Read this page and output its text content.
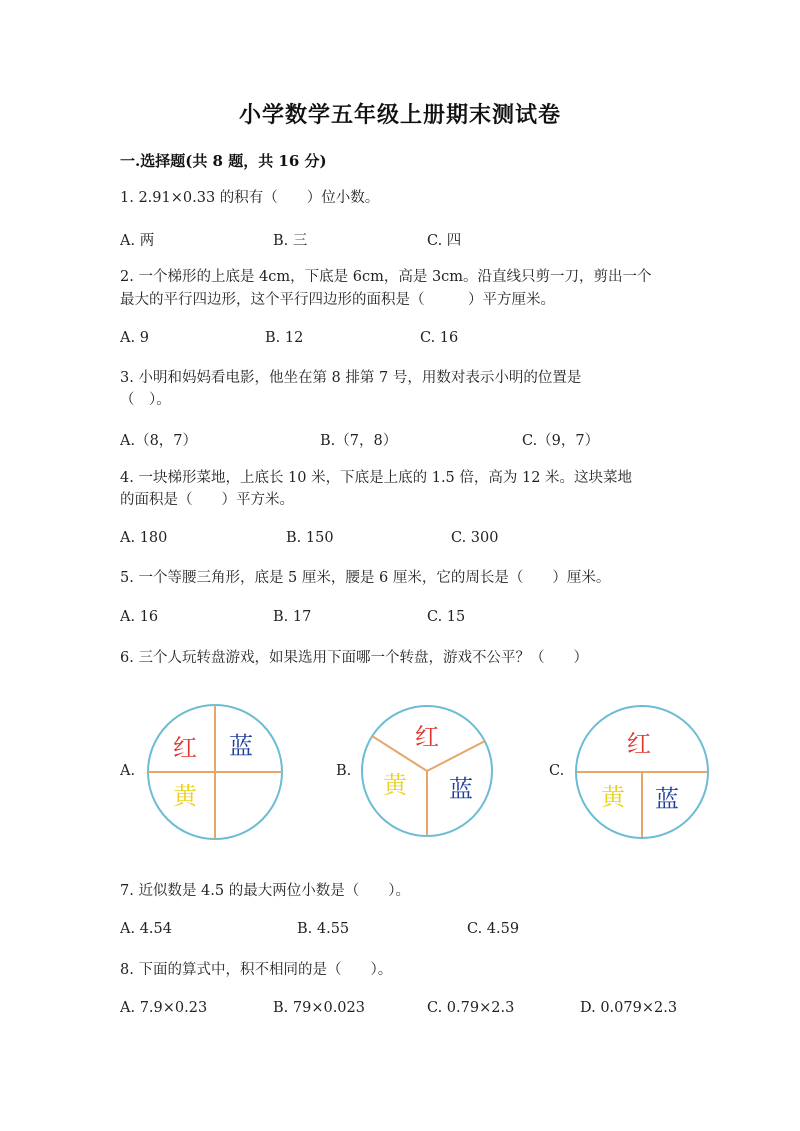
小学数学五年级上册期末测试卷
一.选择题(共 8 题，共 16 分)
1. 2.91×0.33 的积有（　　）位小数。
A. 两	B. 三	C. 四
2. 一个梯形的上底是 4cm，下底是 6cm，高是 3cm。沿直线只剪一刀，剪出一个
最大的平行四边形，这个平行四边形的面积是（　　　）平方厘米。
A. 9	B. 12	C. 16
3. 小明和妈妈看电影，他坐在第 8 排第 7 号，用数对表示小明的位置是
（　）。
A.（8，7）	B.（7，8）	C.（9，7）
4. 一块梯形菜地，上底长 10 米，下底是上底的 1.5 倍，高为 12 米。这块菜地
的面积是（　　）平方米。
A. 180	B. 150	C. 300
5. 一个等腰三角形，底是 5 厘米，腰是 6 厘米，它的周长是（　　）厘米。
A. 16	B. 17	C. 15
6. 三个人玩转盘游戏，如果选用下面哪一个转盘，游戏不公平？（　　）
A.
红 蓝
黄
B.
红
黄 蓝
C.
红
黄 蓝
7. 近似数是 4.5 的最大两位小数是（　　）。
A. 4.54	B. 4.55	C. 4.59
8. 下面的算式中，积不相同的是（　　）。
A. 7.9×0.23	B. 79×0.023	C. 0.79×2.3	D. 0.079×2.3
